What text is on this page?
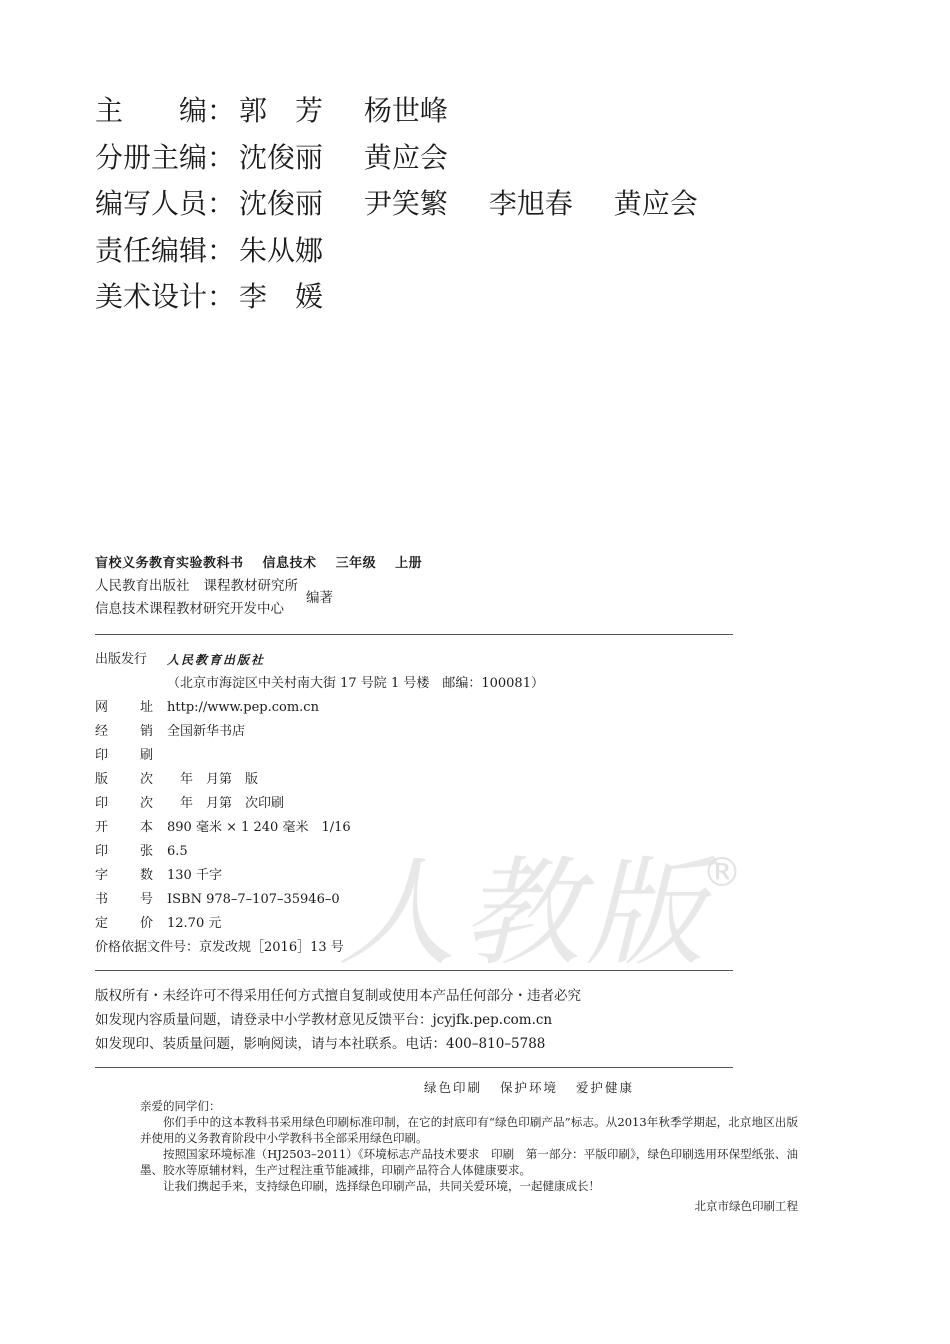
主　　编： 郭　芳 杨世峰
分册主编： 沈俊丽 黄应会
编写人员： 沈俊丽 尹笑繁 李旭春 黄应会
责任编辑： 朱从娜
美术设计： 李　媛
盲校义务教育实验教科书 信息技术 三年级 上册
人民教育出版社 课程教材研究所
信息技术课程教材研究开发中心
编著
人教版
®
出版发行	人民教育出版社
（北京市海淀区中关村南大街 17 号院 1 号楼　邮编：100081）
网 址 http://www.pep.com.cn
经 销 全国新华书店
印 刷
版 次 　年　月第　版
印 次 　年　月第　次印刷
开 本 890 毫米 × 1 240 毫米　1/16
印 张 6.5
字 数 130 千字
书 号 ISBN 978–7–107–35946–0
定 价 12.70 元
价格依据文件号：京发改规［2016］13 号
版权所有・未经许可不得采用任何方式擅自复制或使用本产品任何部分・违者必究
如发现内容质量问题，请登录中小学教材意见反馈平台：jcyjfk.pep.com.cn
如发现印、装质量问题，影响阅读，请与本社联系。电话：400–810–5788
绿色印刷 保护环境 爱护健康

亲爱的同学们：

你们手中的这本教科书采用绿色印刷标准印制，在它的封底印有“绿色印刷产品”标志。从2013年秋季学期起，北京地区出版并使用的义务教育阶段中小学教科书全部采用绿色印刷。

按照国家环境标准（HJ2503–2011）《环境标志产品技术要求　印刷　第一部分：平版印刷》，绿色印刷选用环保型纸张、油墨、胶水等原辅材料，生产过程注重节能减排，印刷产品符合人体健康要求。

让我们携起手来，支持绿色印刷，选择绿色印刷产品，共同关爱环境，一起健康成长！

北京市绿色印刷工程
